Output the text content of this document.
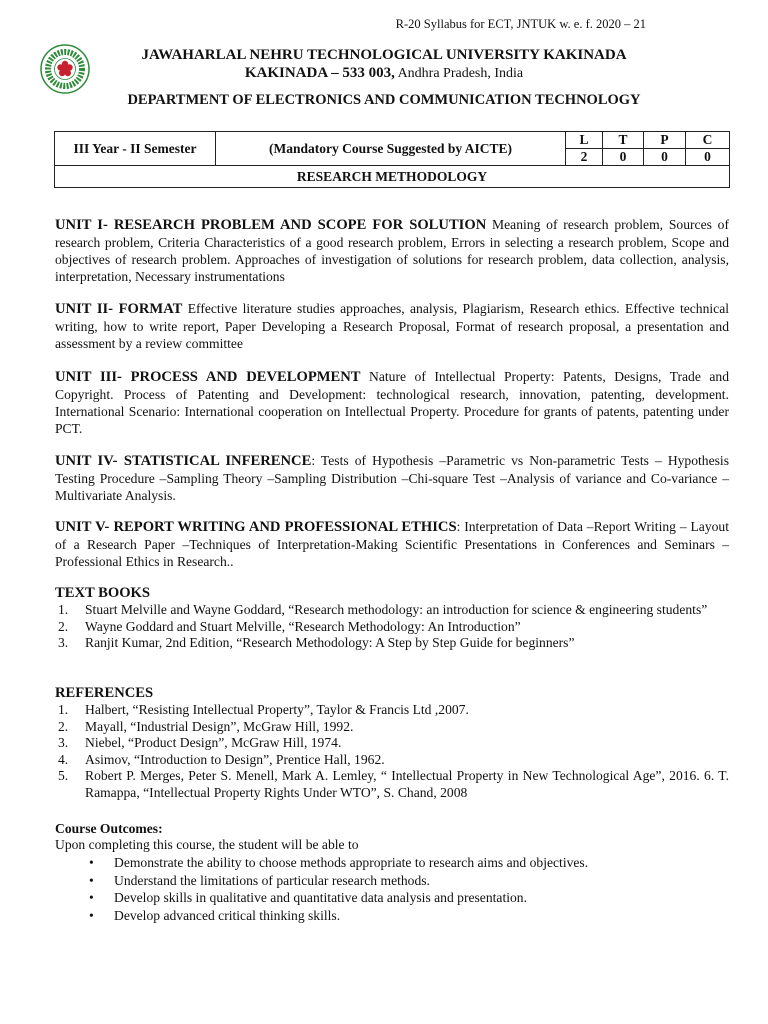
R-20 Syllabus for ECT, JNTUK w. e. f. 2020 – 21
JAWAHARLAL NEHRU TECHNOLOGICAL UNIVERSITY KAKINADA
KAKINADA – 533 003, Andhra Pradesh, India
DEPARTMENT OF ELECTRONICS AND COMMUNICATION TECHNOLOGY
III Year - II Semester	(Mandatory Course Suggested by AICTE)	L	T	P	C
		2	0	0	0
RESEARCH METHODOLOGY					
UNIT I- RESEARCH PROBLEM AND SCOPE FOR SOLUTION Meaning of research problem, Sources of research problem, Criteria Characteristics of a good research problem, Errors in selecting a research problem, Scope and objectives of research problem. Approaches of investigation of solutions for research problem, data collection, analysis, interpretation, Necessary instrumentations
UNIT II- FORMAT Effective literature studies approaches, analysis, Plagiarism, Research ethics. Effective technical writing, how to write report, Paper Developing a Research Proposal, Format of research proposal, a presentation and assessment by a review committee
UNIT III- PROCESS AND DEVELOPMENT Nature of Intellectual Property: Patents, Designs, Trade and Copyright. Process of Patenting and Development: technological research, innovation, patenting, development. International Scenario: International cooperation on Intellectual Property. Procedure for grants of patents, patenting under PCT.
UNIT IV- STATISTICAL INFERENCE: Tests of Hypothesis –Parametric vs Non-parametric Tests – Hypothesis Testing Procedure –Sampling Theory –Sampling Distribution –Chi-square Test –Analysis of variance and Co-variance –Multivariate Analysis.
UNIT V- REPORT WRITING AND PROFESSIONAL ETHICS: Interpretation of Data –Report Writing – Layout of a Research Paper –Techniques of Interpretation-Making Scientific Presentations in Conferences and Seminars –Professional Ethics in Research..
TEXT BOOKS
1. Stuart Melville and Wayne Goddard, “Research methodology: an introduction for science & engineering students”
2. Wayne Goddard and Stuart Melville, “Research Methodology: An Introduction”
3. Ranjit Kumar, 2nd Edition, “Research Methodology: A Step by Step Guide for beginners”
REFERENCES
1. Halbert, “Resisting Intellectual Property”, Taylor & Francis Ltd ,2007.
2. Mayall, “Industrial Design”, McGraw Hill, 1992.
3. Niebel, “Product Design”, McGraw Hill, 1974.
4. Asimov, “Introduction to Design”, Prentice Hall, 1962.
5. Robert P. Merges, Peter S. Menell, Mark A. Lemley, “ Intellectual Property in New Technological Age”, 2016. 6. T. Ramappa, “Intellectual Property Rights Under WTO”, S. Chand, 2008
Course Outcomes:
Upon completing this course, the student will be able to
• Demonstrate the ability to choose methods appropriate to research aims and objectives.
• Understand the limitations of particular research methods.
• Develop skills in qualitative and quantitative data analysis and presentation.
• Develop advanced critical thinking skills.
